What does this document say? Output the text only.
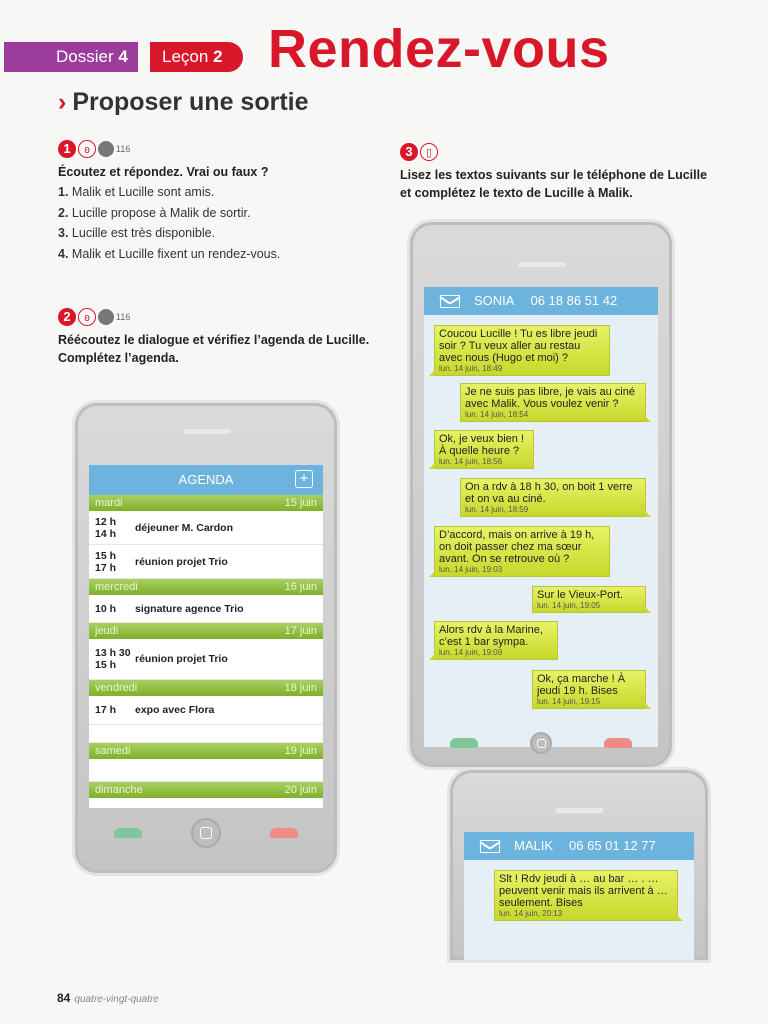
Dossier 4	Leçon 2 Rendez-vous
› Proposer une sortie
1	ʚ	116
Écoutez et répondez. Vrai ou faux ?
1. Malik et Lucille sont amis.
2. Lucille propose à Malik de sortir.
3. Lucille est très disponible.
4. Malik et Lucille fixent un rendez-vous.
2	ʚ	116
Réécoutez le dialogue et vérifiez l’agenda de Lucille.
Complétez l’agenda.
3	▯
Lisez les textos suivants sur le téléphone de Lucille
et complétez le texto de Lucille à Malik.
AGENDA	+
mardi	15 juin
12 h
14 h	déjeuner M. Cardon
15 h
17 h	réunion projet Trio
mercredi	16 juin
10 h	signature agence Trio
jeudi	17 juin
13 h 30
15 h	réunion projet Trio
vendredi	18 juin
17 h	expo avec Flora
samedi	19 juin
dimanche	20 juin
SONIA 06 18 86 51 42
Coucou Lucille ! Tu es libre jeudi soir ? Tu veux aller au restau avec nous (Hugo et moi) ?
lun. 14 juin, 18:49
Je ne suis pas libre, je vais au ciné avec Malik. Vous voulez venir ?
lun. 14 juin, 18:54
Ok, je veux bien ! À quelle heure ?
lun. 14 juin, 18:56
On a rdv à 18 h 30, on boit 1 verre et on va au ciné.
lun. 14 juin, 18:59
D’accord, mais on arrive à 19 h, on doit passer chez ma sœur avant. On se retrouve où ?
lun. 14 juin, 19:03
Sur le Vieux-Port.
lun. 14 juin, 19:05
Alors rdv à la Marine, c’est 1 bar sympa.
lun. 14 juin, 19:09
Ok, ça marche ! À jeudi 19 h. Bises
lun. 14 juin, 19:15
MALIK 06 65 01 12 77
Slt ! Rdv jeudi à … au bar … . … peuvent venir mais ils arrivent à … seulement. Bises
lun. 14 juin, 20:13
84 quatre-vingt-quatre
